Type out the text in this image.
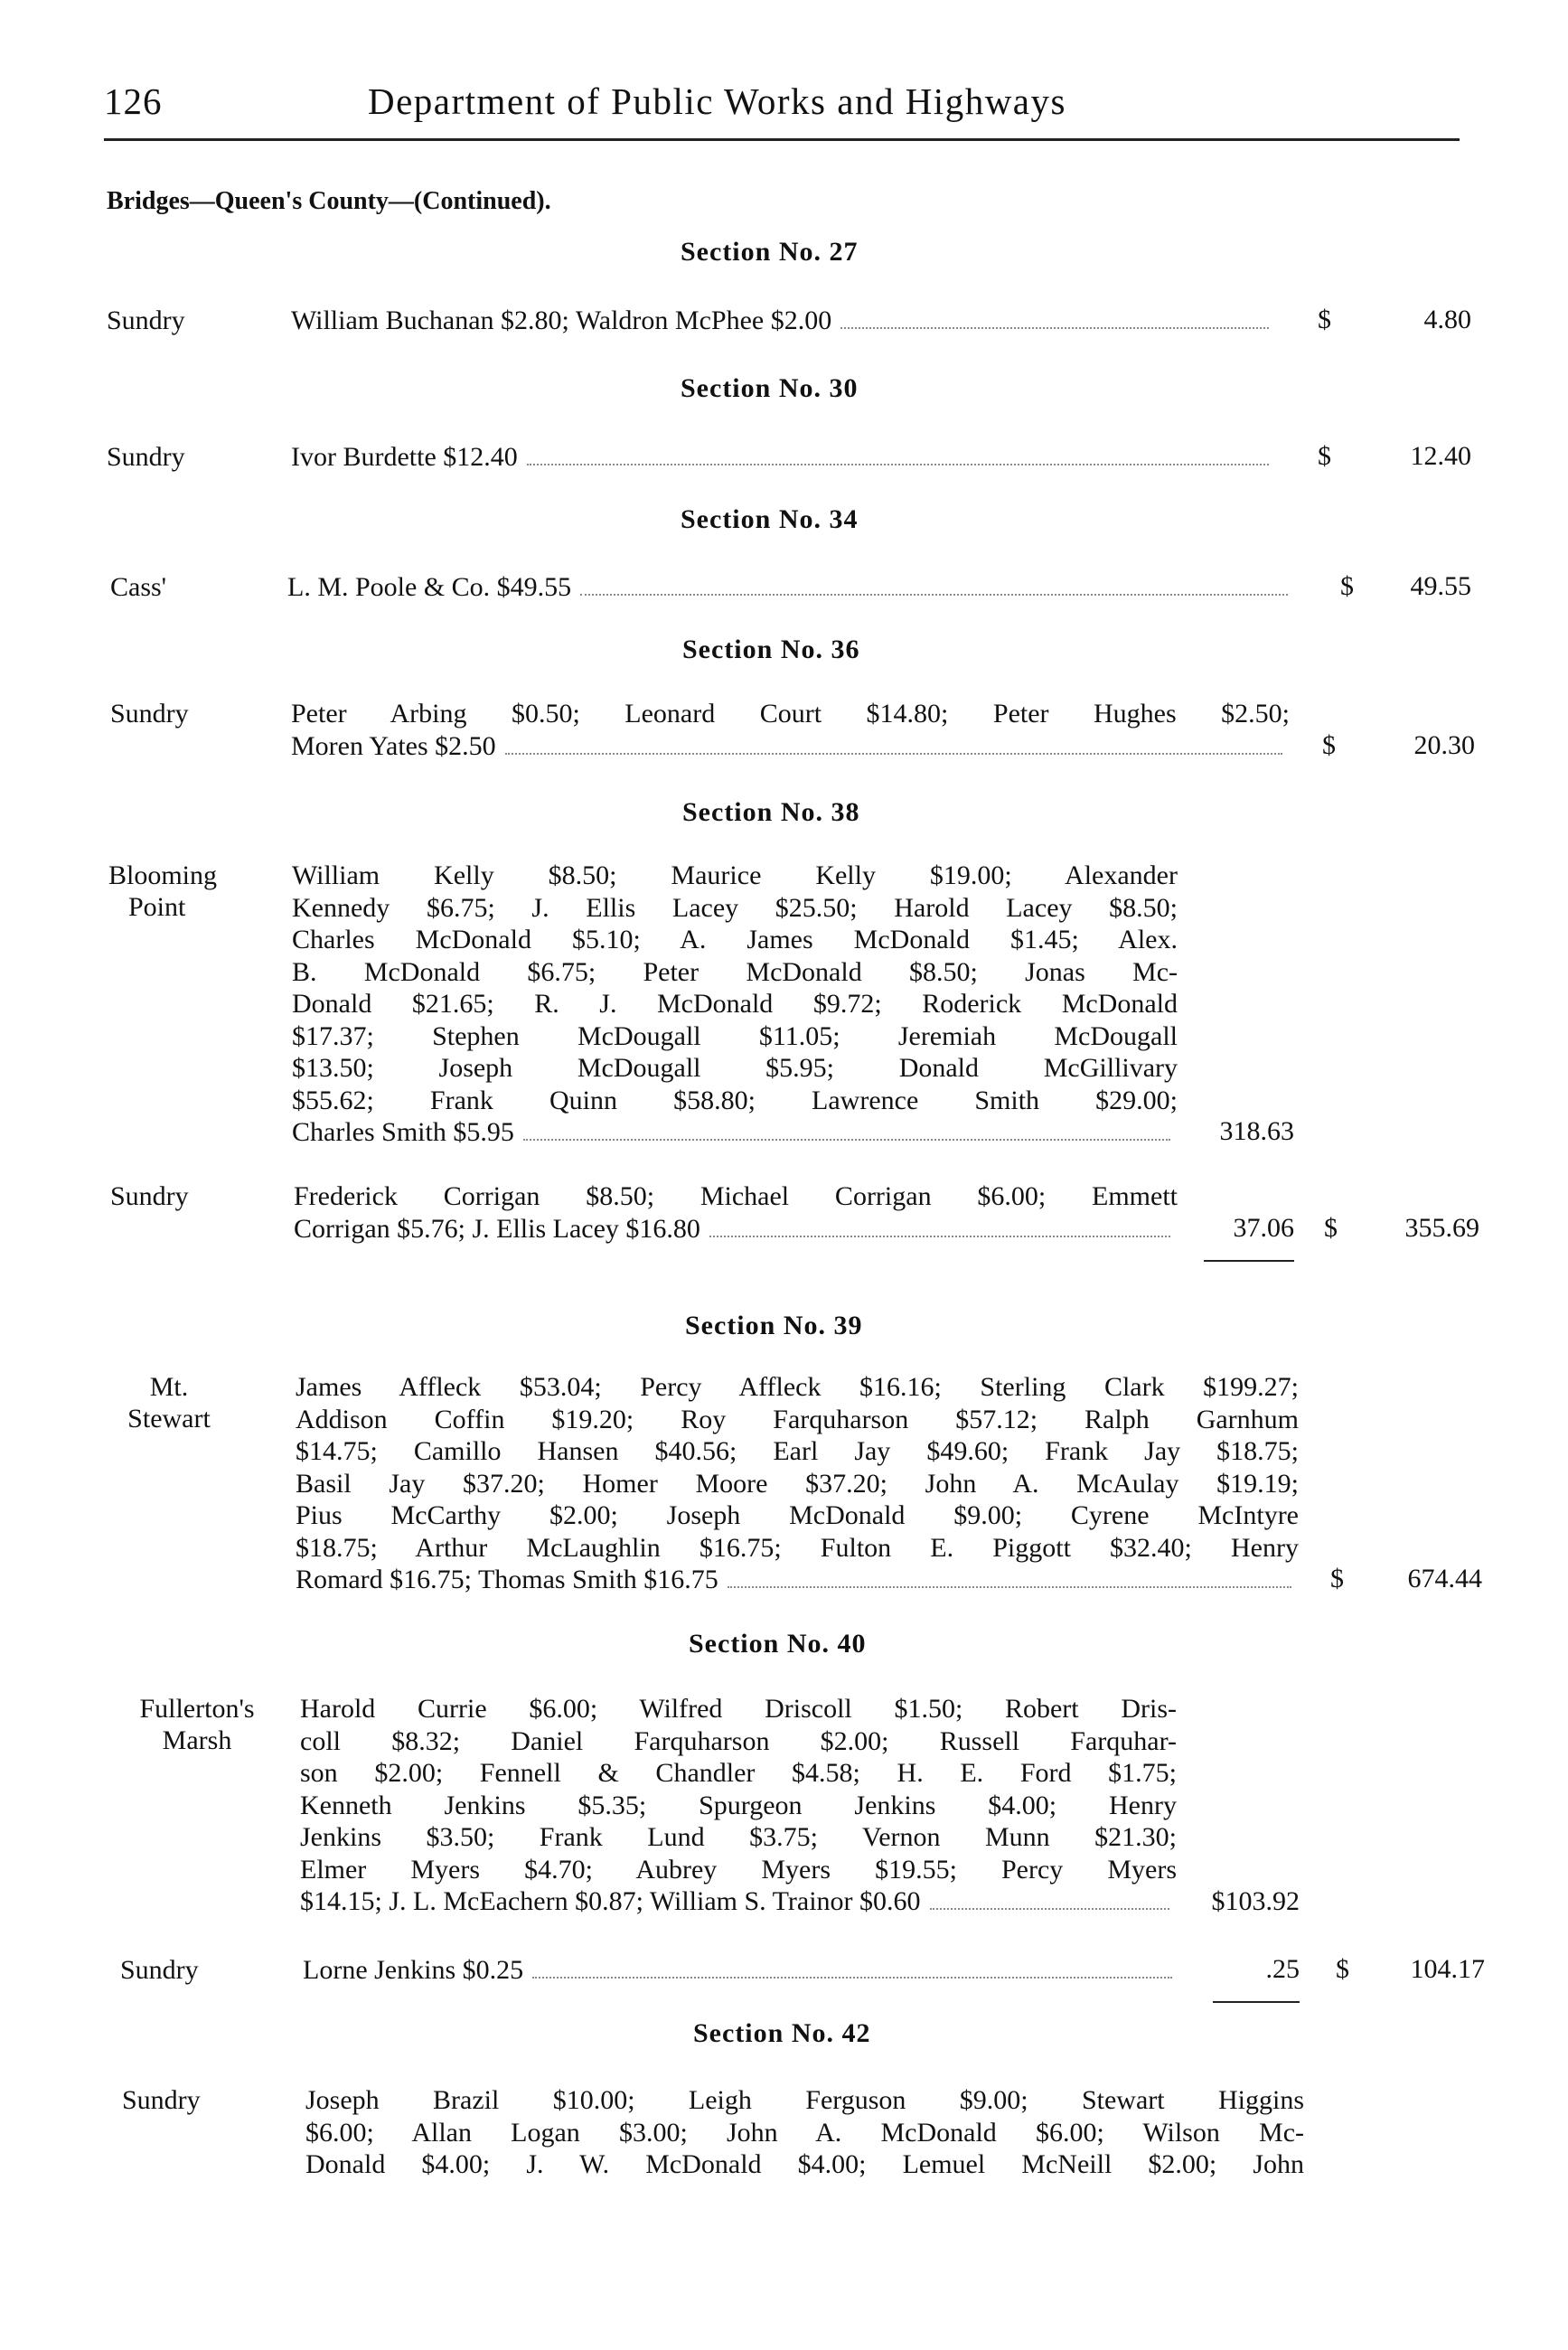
126	Department of Public Works and Highways
Bridges—Queen's County—(Continued).
Section No. 27
Sundry	William Buchanan $2.80; Waldron McPhee $2.00	$	4.80
Section No. 30
Sundry	Ivor Burdette $12.40	$	12.40
Section No. 34
Cass'	L. M. Poole & Co. $49.55	$ 49.55
Section No. 36
Sundry	Peter Arbing $0.50; Leonard Court $14.80; Peter Hughes $2.50;
Moren Yates $2.50	$	20.30
Section No. 38
Blooming
Point
William Kelly $8.50; Maurice Kelly $19.00; Alexander
Kennedy $6.75; J. Ellis Lacey $25.50; Harold Lacey $8.50;
Charles McDonald $5.10; A. James McDonald $1.45; Alex.
B. McDonald $6.75; Peter McDonald $8.50; Jonas Mc-
Donald $21.65; R. J. McDonald $9.72; Roderick McDonald
$17.37; Stephen McDougall $11.05; Jeremiah McDougall
$13.50; Joseph McDougall $5.95; Donald McGillivary
$55.62; Frank Quinn $58.80; Lawrence Smith $29.00;
Charles Smith $5.95	318.63
Sundry	Frederick Corrigan $8.50; Michael Corrigan $6.00; Emmett
Corrigan $5.76; J. Ellis Lacey $16.80	37.06 $ 355.69
Section No. 39
Mt.
Stewart
James Affleck $53.04; Percy Affleck $16.16; Sterling Clark $199.27;
Addison Coffin $19.20; Roy Farquharson $57.12; Ralph Garnhum
$14.75; Camillo Hansen $40.56; Earl Jay $49.60; Frank Jay $18.75;
Basil Jay $37.20; Homer Moore $37.20; John A. McAulay $19.19;
Pius McCarthy $2.00; Joseph McDonald $9.00; Cyrene McIntyre
$18.75; Arthur McLaughlin $16.75; Fulton E. Piggott $32.40; Henry
Romard $16.75; Thomas Smith $16.75	$ 674.44
Section No. 40
Fullerton's
Marsh
Harold Currie $6.00; Wilfred Driscoll $1.50; Robert Dris-
coll $8.32; Daniel Farquharson $2.00; Russell Farquhar-
son $2.00; Fennell & Chandler $4.58; H. E. Ford $1.75;
Kenneth Jenkins $5.35; Spurgeon Jenkins $4.00; Henry
Jenkins $3.50; Frank Lund $3.75; Vernon Munn $21.30;
Elmer Myers $4.70; Aubrey Myers $19.55; Percy Myers
$14.15; J. L. McEachern $0.87; William S. Trainor $0.60	$103.92
Sundry	Lorne Jenkins $0.25	.25 $ 104.17
Section No. 42
Sundry	Joseph Brazil $10.00; Leigh Ferguson $9.00; Stewart Higgins
$6.00; Allan Logan $3.00; John A. McDonald $6.00; Wilson Mc-
Donald $4.00; J. W. McDonald $4.00; Lemuel McNeill $2.00; John
